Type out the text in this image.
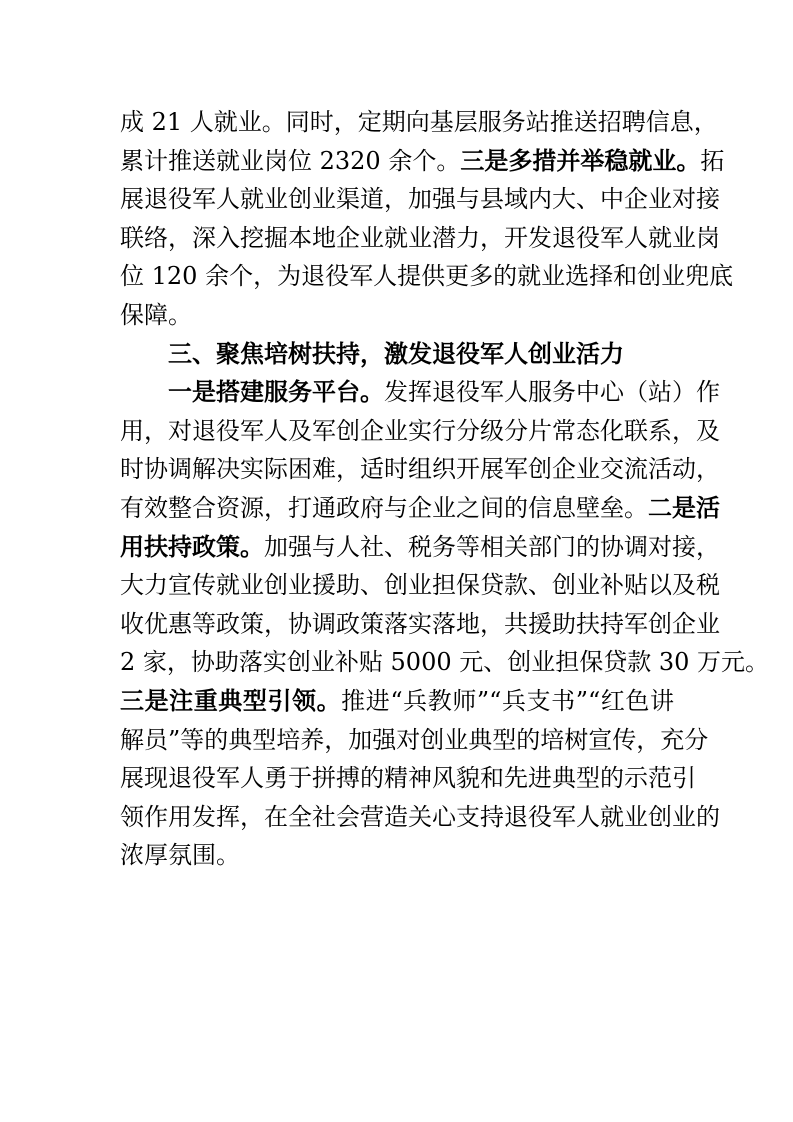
成 21 人就业。同时，定期向基层服务站推送招聘信息，
累计推送就业岗位 2320 余个。三是多措并举稳就业。拓
展退役军人就业创业渠道，加强与县域内大、中企业对接
联络，深入挖掘本地企业就业潜力，开发退役军人就业岗
位 120 余个，为退役军人提供更多的就业选择和创业兜底
保障。
三、聚焦培树扶持，激发退役军人创业活力
一是搭建服务平台。发挥退役军人服务中心（站）作
用，对退役军人及军创企业实行分级分片常态化联系，及
时协调解决实际困难，适时组织开展军创企业交流活动，
有效整合资源，打通政府与企业之间的信息壁垒。二是活
用扶持政策。加强与人社、税务等相关部门的协调对接，
大力宣传就业创业援助、创业担保贷款、创业补贴以及税
收优惠等政策，协调政策落实落地，共援助扶持军创企业
2 家，协助落实创业补贴 5000 元、创业担保贷款 30 万元。
三是注重典型引领。推进“兵教师”“兵支书”“红色讲
解员”等的典型培养，加强对创业典型的培树宣传，充分
展现退役军人勇于拼搏的精神风貌和先进典型的示范引
领作用发挥，在全社会营造关心支持退役军人就业创业的
浓厚氛围。
